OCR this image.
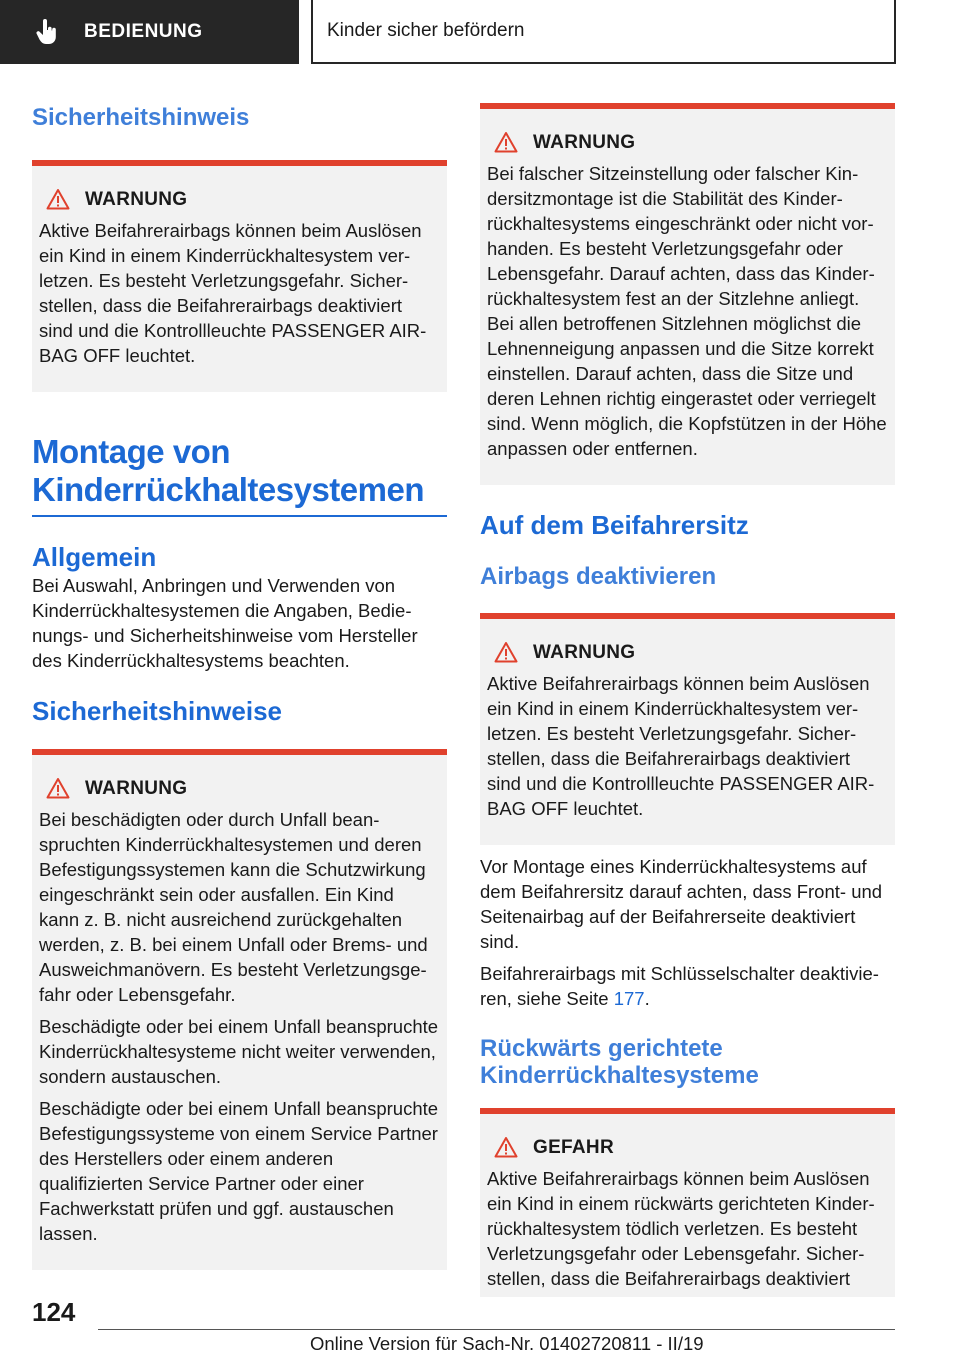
BEDIENUNG	Kinder sicher befördern
Sicherheitshinweis
WARNUNG

Aktive Beifahrerairbags können beim Auslösen ein Kind in einem Kinderrückhaltesystem verletzen. Es besteht Verletzungsgefahr. Sicherstellen, dass die Beifahrerairbags deaktiviert sind und die Kontrollleuchte PASSENGER AIRBAG OFF leuchtet.

Montage von
Kinderrückhaltesystemen
Allgemein

Bei Auswahl, Anbringen und Verwenden von Kinderrückhaltesystemen die Angaben, Bedienungs- und Sicherheitshinweise vom Hersteller des Kinderrückhaltesystems beachten.

Sicherheitshinweise
WARNUNG

Bei beschädigten oder durch Unfall beanspruchten Kinderrückhaltesystemen und deren Befestigungssystemen kann die Schutzwirkung eingeschränkt sein oder ausfallen. Ein Kind kann z. B. nicht ausreichend zurückgehalten werden, z. B. bei einem Unfall oder Brems- und Ausweichmanövern. Es besteht Verletzungsgefahr oder Lebensgefahr.

Beschädigte oder bei einem Unfall beanspruchte Kinderrückhaltesysteme nicht weiter verwenden, sondern austauschen.

Beschädigte oder bei einem Unfall beanspruchte Befestigungssysteme von einem Service Partner des Herstellers oder einem anderen qualifizierten Service Partner oder einer Fachwerkstatt prüfen und ggf. austauschen lassen.

WARNUNG

Bei falscher Sitzeinstellung oder falscher Kindersitzmontage ist die Stabilität des Kinderrückhaltesystems eingeschränkt oder nicht vorhanden. Es besteht Verletzungsgefahr oder Lebensgefahr. Darauf achten, dass das Kinderrückhaltesystem fest an der Sitzlehne anliegt. Bei allen betroffenen Sitzlehnen möglichst die Lehnenneigung anpassen und die Sitze korrekt einstellen. Darauf achten, dass die Sitze und deren Lehnen richtig eingerastet oder verriegelt sind. Wenn möglich, die Kopfstützen in der Höhe anpassen oder entfernen.

Auf dem Beifahrersitz
Airbags deaktivieren
WARNUNG

Aktive Beifahrerairbags können beim Auslösen ein Kind in einem Kinderrückhaltesystem verletzen. Es besteht Verletzungsgefahr. Sicherstellen, dass die Beifahrerairbags deaktiviert sind und die Kontrollleuchte PASSENGER AIRBAG OFF leuchtet.

Vor Montage eines Kinderrückhaltesystems auf dem Beifahrersitz darauf achten, dass Front- und Seitenairbag auf der Beifahrerseite deaktiviert sind.

Beifahrerairbags mit Schlüsselschalter deaktivieren, siehe Seite 177.

Rückwärts gerichtete
Kinderrückhaltesysteme
GEFAHR

Aktive Beifahrerairbags können beim Auslösen ein Kind in einem rückwärts gerichteten Kinderrückhaltesystem tödlich verletzen. Es besteht Verletzungsgefahr oder Lebensgefahr. Sicherstellen, dass die Beifahrerairbags deaktiviert

124
Online Version für Sach-Nr. 01402720811 - II/19
